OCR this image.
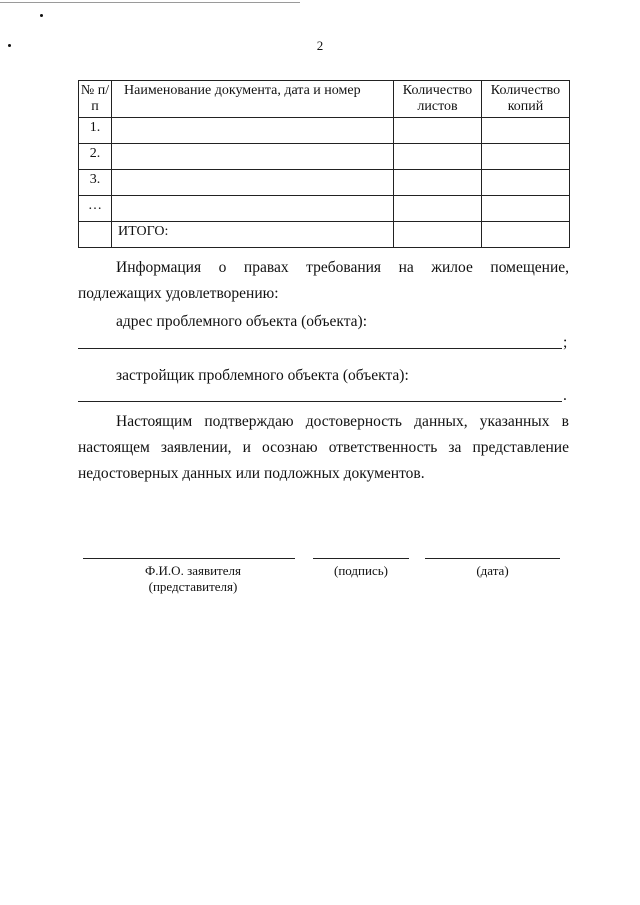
2
№ п/п	Наименование документа, дата и номер	Количество листов	Количество копий
1.			
2.			
3.			
…			
	ИТОГО:		
Информация о правах требования на жилое помещение, подлежащих удовлетворению:
адрес проблемного объекта (объекта):
;
застройщик проблемного объекта (объекта):
.
Настоящим подтверждаю достоверность данных, указанных в настоящем заявлении, и осознаю ответственность за представление недостоверных данных или подложных документов.
Ф.И.О. заявителя (представителя)
(подпись)	(дата)
